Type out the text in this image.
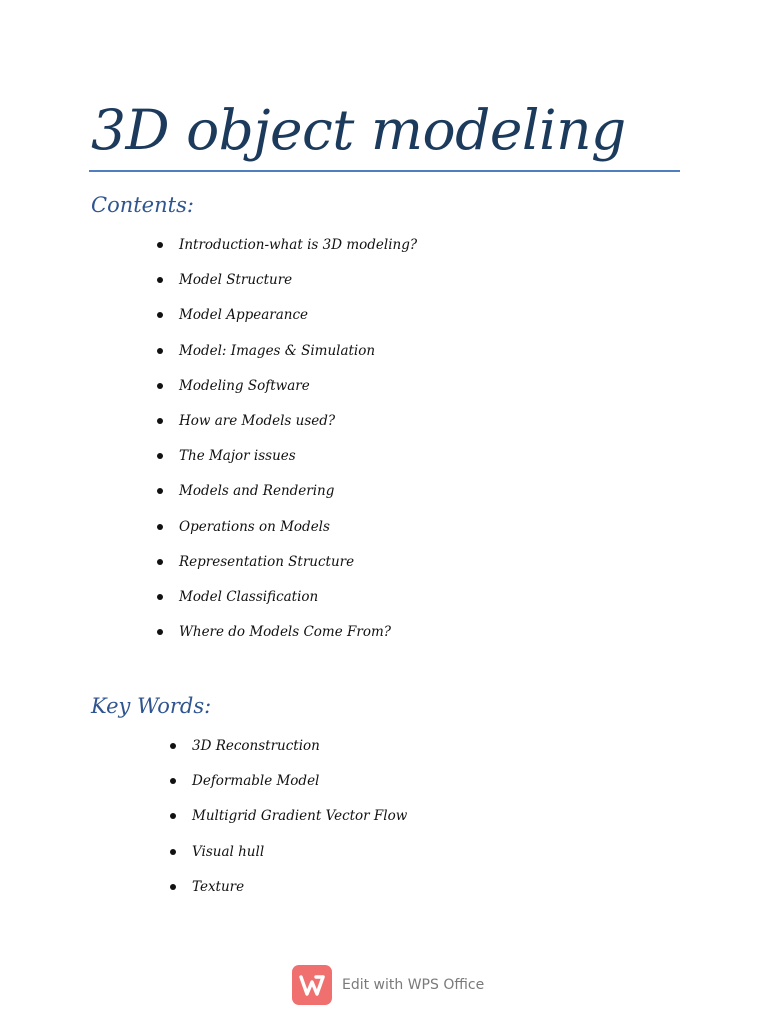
3D object modeling
Contents:
Introduction-what is 3D modeling?
Model Structure
Model Appearance
Model: Images & Simulation
Modeling Software
How are Models used?
The Major issues
Models and Rendering
Operations on Models
Representation Structure
Model Classification
Where do Models Come From?
Key Words:
3D Reconstruction
Deformable Model
Multigrid Gradient Vector Flow
Visual hull
Texture
Edit with WPS Office
